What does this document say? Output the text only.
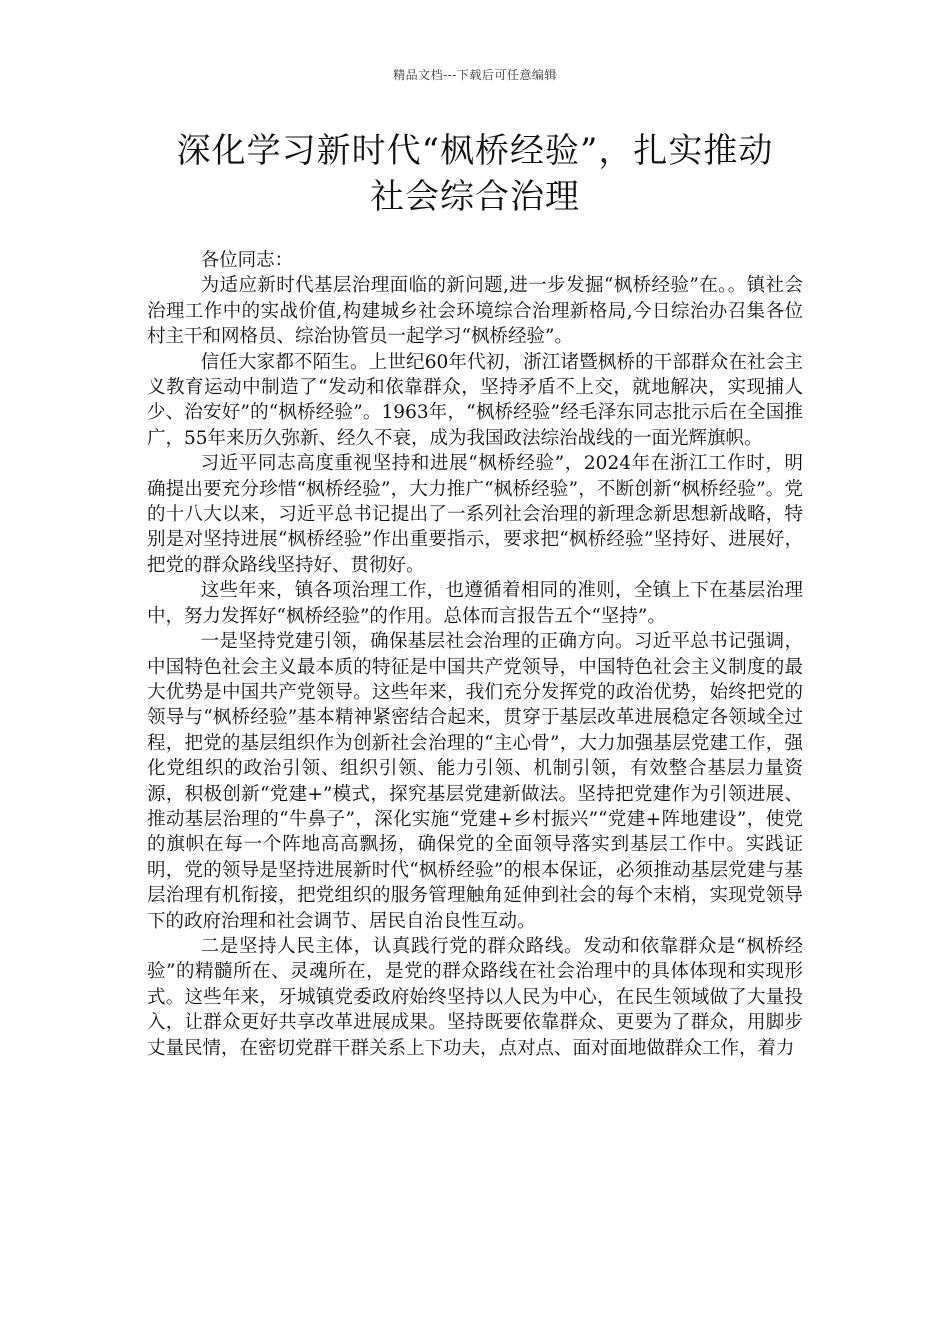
精品文档---下载后可任意编辑
深化学习新时代“枫桥经验”，扎实推动
社会综合治理

各位同志：

为适应新时代基层治理面临的新问题,进一步发掘“枫桥经验”在。。镇社会治理工作中的实战价值,构建城乡社会环境综合治理新格局,今日综治办召集各位村主干和网格员、综治协管员一起学习“枫桥经验”。

信任大家都不陌生。上世纪60年代初，浙江诸暨枫桥的干部群众在社会主义教育运动中制造了“发动和依靠群众，坚持矛盾不上交，就地解决，实现捕人少、治安好”的“枫桥经验”。1963年，“枫桥经验”经毛泽东同志批示后在全国推广，55年来历久弥新、经久不衰，成为我国政法综治战线的一面光辉旗帜。

习近平同志高度重视坚持和进展“枫桥经验”，2024年在浙江工作时，明确提出要充分珍惜“枫桥经验”，大力推广“枫桥经验”，不断创新“枫桥经验”。党的十八大以来，习近平总书记提出了一系列社会治理的新理念新思想新战略，特别是对坚持进展“枫桥经验”作出重要指示，要求把“枫桥经验”坚持好、进展好，把党的群众路线坚持好、贯彻好。

这些年来，镇各项治理工作，也遵循着相同的准则，全镇上下在基层治理中，努力发挥好“枫桥经验”的作用。总体而言报告五个“坚持”。

一是坚持党建引领，确保基层社会治理的正确方向。习近平总书记强调，中国特色社会主义最本质的特征是中国共产党领导，中国特色社会主义制度的最大优势是中国共产党领导。这些年来，我们充分发挥党的政治优势，始终把党的领导与“枫桥经验”基本精神紧密结合起来，贯穿于基层改革进展稳定各领域全过程，把党的基层组织作为创新社会治理的“主心骨”，大力加强基层党建工作，强化党组织的政治引领、组织引领、能力引领、机制引领，有效整合基层力量资源，积极创新“党建+”模式，探究基层党建新做法。坚持把党建作为引领进展、推动基层治理的“牛鼻子”，深化实施“党建+乡村振兴”“党建+阵地建设”，使党的旗帜在每一个阵地高高飘扬，确保党的全面领导落实到基层工作中。实践证明，党的领导是坚持进展新时代“枫桥经验”的根本保证，必须推动基层党建与基层治理有机衔接，把党组织的服务管理触角延伸到社会的每个末梢，实现党领导下的政府治理和社会调节、居民自治良性互动。

二是坚持人民主体，认真践行党的群众路线。发动和依靠群众是“枫桥经验”的精髓所在、灵魂所在，是党的群众路线在社会治理中的具体体现和实现形式。这些年来，牙城镇党委政府始终坚持以人民为中心，在民生领域做了大量投入，让群众更好共享改革进展成果。坚持既要依靠群众、更要为了群众，用脚步丈量民情，在密切党群干群关系上下功夫，点对点、面对面地做群众工作，着力
